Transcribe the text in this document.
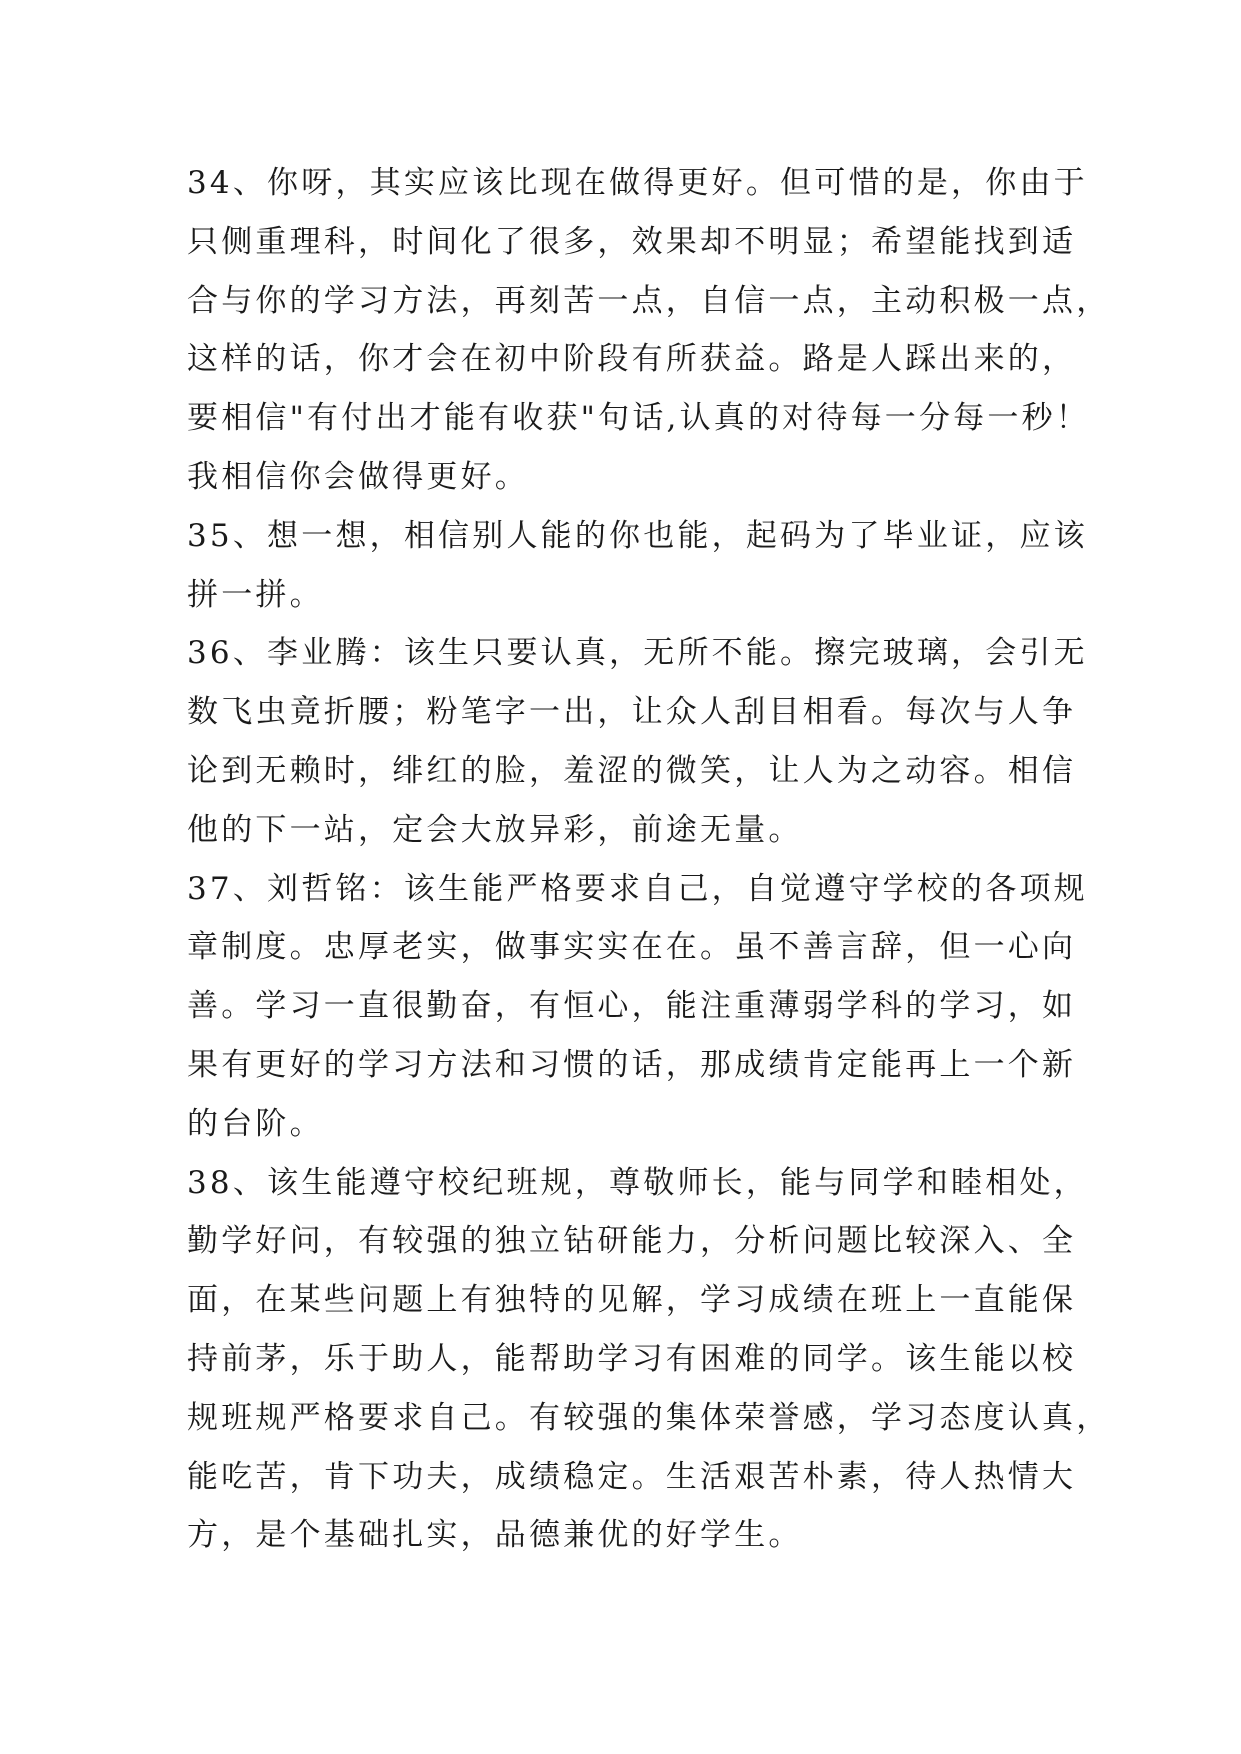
34、你呀，其实应该比现在做得更好。但可惜的是，你由于
只侧重理科，时间化了很多，效果却不明显；希望能找到适
合与你的学习方法，再刻苦一点，自信一点，主动积极一点，
这样的话，你才会在初中阶段有所获益。路是人踩出来的，
要相信"有付出才能有收获"句话,认真的对待每一分每一秒！
我相信你会做得更好。
35、想一想，相信别人能的你也能，起码为了毕业证，应该
拼一拼。
36、李业腾：该生只要认真，无所不能。擦完玻璃，会引无
数飞虫竟折腰；粉笔字一出，让众人刮目相看。每次与人争
论到无赖时，绯红的脸，羞涩的微笑，让人为之动容。相信
他的下一站，定会大放异彩，前途无量。
37、刘哲铭：该生能严格要求自己，自觉遵守学校的各项规
章制度。忠厚老实，做事实实在在。虽不善言辞，但一心向
善。学习一直很勤奋，有恒心，能注重薄弱学科的学习，如
果有更好的学习方法和习惯的话，那成绩肯定能再上一个新
的台阶。
38、该生能遵守校纪班规，尊敬师长，能与同学和睦相处，
勤学好问，有较强的独立钻研能力，分析问题比较深入、全
面，在某些问题上有独特的见解，学习成绩在班上一直能保
持前茅，乐于助人，能帮助学习有困难的同学。该生能以校
规班规严格要求自己。有较强的集体荣誉感，学习态度认真，
能吃苦，肯下功夫，成绩稳定。生活艰苦朴素，待人热情大
方，是个基础扎实，品德兼优的好学生。
